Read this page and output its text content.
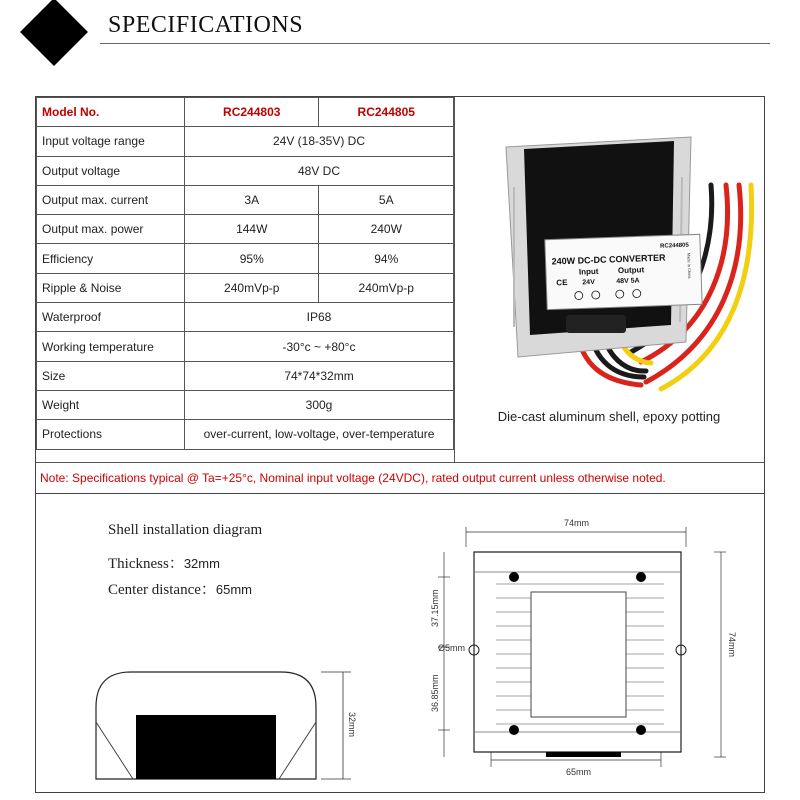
SPECIFICATIONS
Model No.	RC244803	RC244805
Input voltage range	24V (18-35V) DC	
Output voltage	48V DC	
Output max. current	3A	5A
Output max. power	144W	240W
Efficiency	95%	94%
Ripple & Noise	240mVp-p	240mVp-p
Waterproof	IP68	
Working temperature	-30°c ~ +80°c	
Size	74*74*32mm	
Weight	300g	
Protections	over-current, low-voltage, over-temperature	
RC244805
240W DC-DC CONVERTER
Input
24V
Output
48V 5A
CE
Made in China
Die-cast aluminum shell, epoxy potting
Note: Specifications typical @ Ta=+25°c, Nominal input voltage (24VDC), rated output current unless otherwise noted.
Shell installation diagram
Thickness：32mm
Center distance：65mm
32mm
74mm
74mm
37.15mm
36.85mm
Ø5mm
65mm
